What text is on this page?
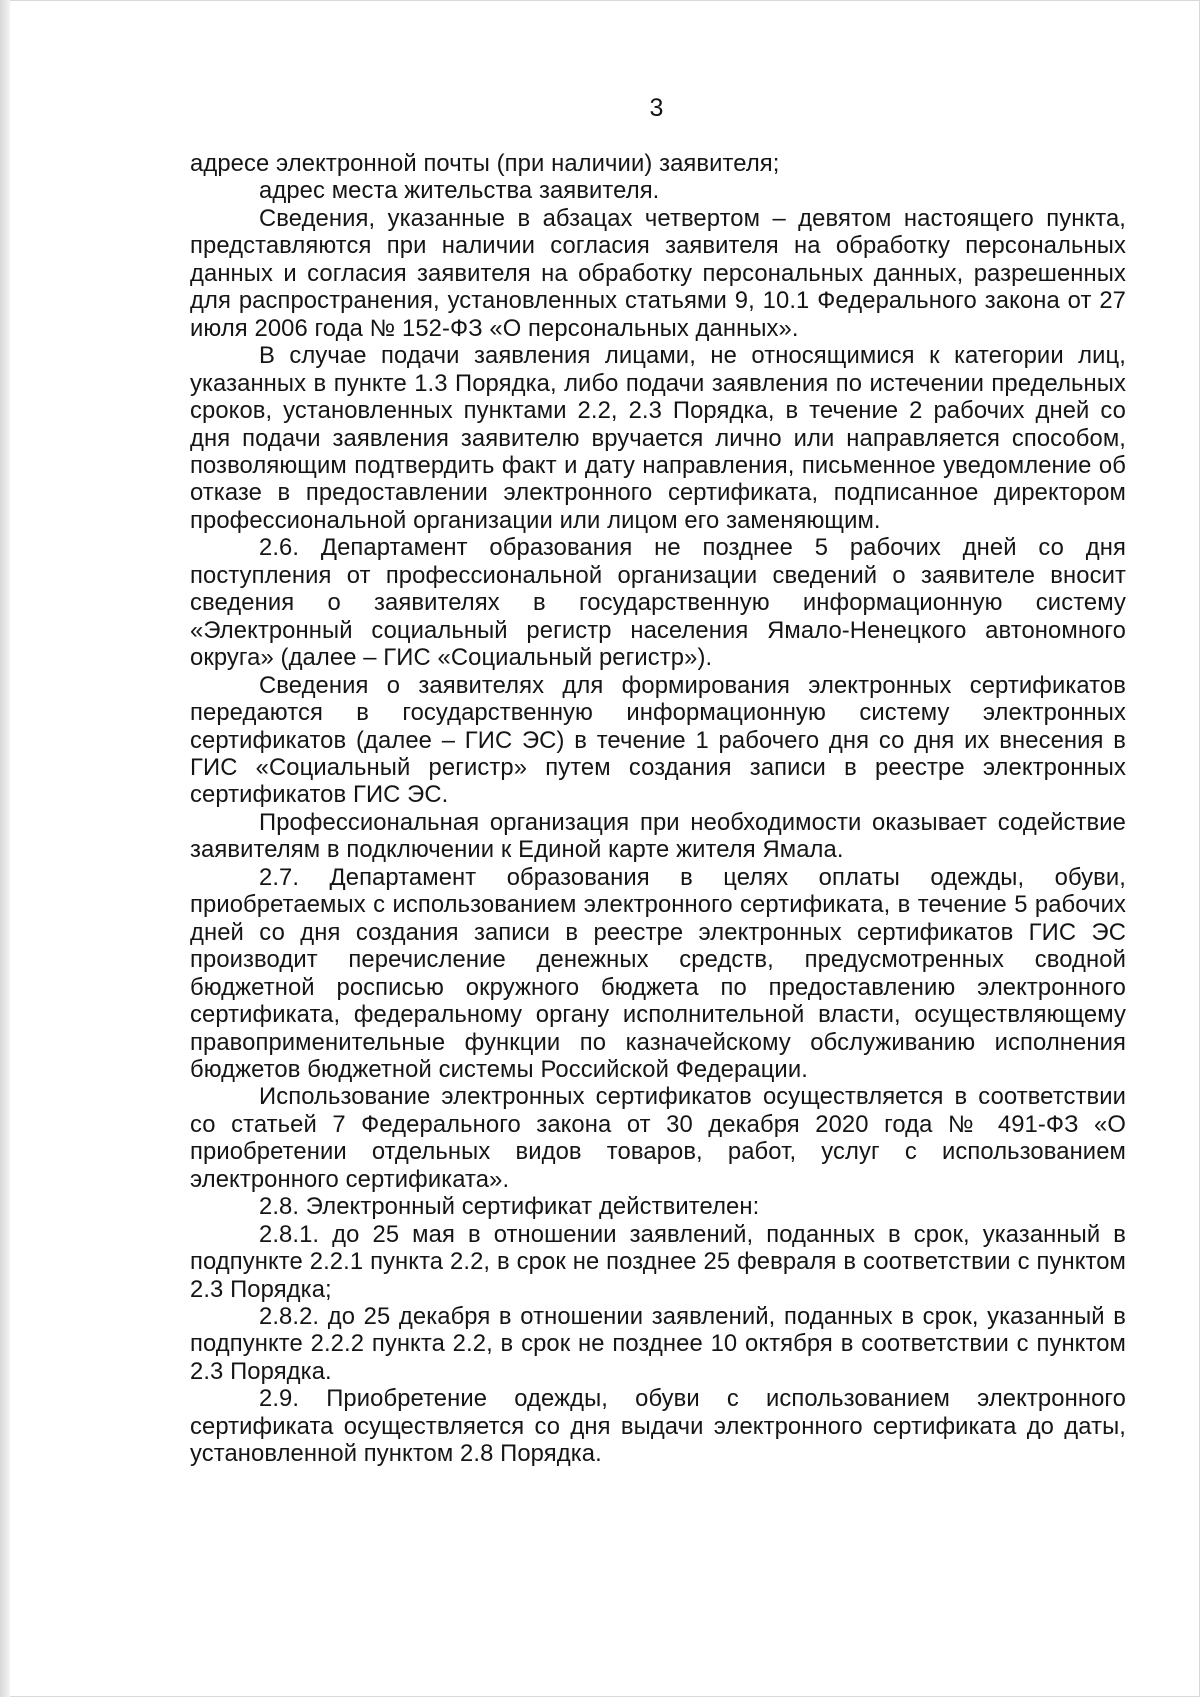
3

адресе электронной почты (при наличии) заявителя;

адрес места жительства заявителя.

Сведения, указанные в абзацах четвертом – девятом настоящего пункта, представляются при наличии согласия заявителя на обработку персональных данных и согласия заявителя на обработку персональных данных, разрешенных для распространения, установленных статьями 9, 10.1 Федерального закона от 27 июля 2006 года № 152-ФЗ «О персональных данных».

В случае подачи заявления лицами, не относящимися к категории лиц, указанных в пункте 1.3 Порядка, либо подачи заявления по истечении предельных сроков, установленных пунктами 2.2, 2.3 Порядка, в течение 2 рабочих дней со дня подачи заявления заявителю вручается лично или направляется способом, позволяющим подтвердить факт и дату направления, письменное уведомление об отказе в предоставлении электронного сертификата, подписанное директором профессиональной организации или лицом его заменяющим.

2.6. Департамент образования не позднее 5 рабочих дней со дня поступления от профессиональной организации сведений о заявителе вносит сведения о заявителях в государственную информационную систему «Электронный социальный регистр населения Ямало-Ненецкого автономного округа» (далее – ГИС «Социальный регистр»).

Сведения о заявителях для формирования электронных сертификатов передаются в государственную информационную систему электронных сертификатов (далее – ГИС ЭС) в течение 1 рабочего дня со дня их внесения в ГИС «Социальный регистр» путем создания записи в реестре электронных сертификатов ГИС ЭС.

Профессиональная организация при необходимости оказывает содействие заявителям в подключении к Единой карте жителя Ямала.

2.7. Департамент образования в целях оплаты одежды, обуви, приобретаемых с использованием электронного сертификата, в течение 5 рабочих дней со дня создания записи в реестре электронных сертификатов ГИС ЭС производит перечисление денежных средств, предусмотренных сводной бюджетной росписью окружного бюджета по предоставлению электронного сертификата, федеральному органу исполнительной власти, осуществляющему правоприменительные функции по казначейскому обслуживанию исполнения бюджетов бюджетной системы Российской Федерации.

Использование электронных сертификатов осуществляется в соответствии со статьей 7 Федерального закона от 30 декабря 2020 года № 491-ФЗ «О приобретении отдельных видов товаров, работ, услуг с использованием электронного сертификата».

2.8. Электронный сертификат действителен:

2.8.1. до 25 мая в отношении заявлений, поданных в срок, указанный в подпункте 2.2.1 пункта 2.2, в срок не позднее 25 февраля в соответствии с пунктом 2.3 Порядка;

2.8.2. до 25 декабря в отношении заявлений, поданных в срок, указанный в подпункте 2.2.2 пункта 2.2, в срок не позднее 10 октября в соответствии с пунктом 2.3 Порядка.

2.9. Приобретение одежды, обуви с использованием электронного сертификата осуществляется со дня выдачи электронного сертификата до даты, установленной пунктом 2.8 Порядка.
